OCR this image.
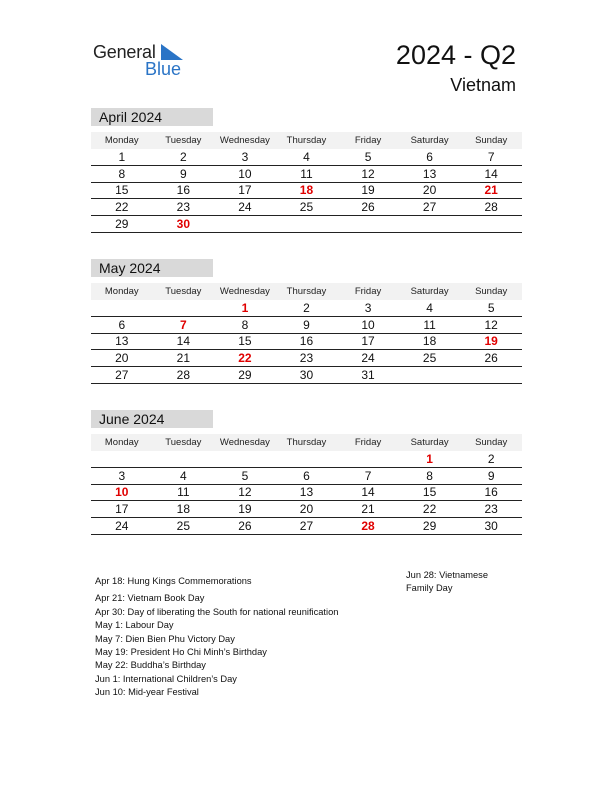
General
Blue	2024 - Q2
Vietnam
April 2024
Monday	Tuesday	Wednesday	Thursday	Friday	Saturday	Sunday
1	2	3	4	5	6	7
8	9	10	11	12	13	14
15	16	17	18	19	20	21
22	23	24	25	26	27	28
29	30					
May 2024
Monday	Tuesday	Wednesday	Thursday	Friday	Saturday	Sunday
		1	2	3	4	5
6	7	8	9	10	11	12
13	14	15	16	17	18	19
20	21	22	23	24	25	26
27	28	29	30	31		
June 2024
Monday	Tuesday	Wednesday	Thursday	Friday	Saturday	Sunday
					1	2
3	4	5	6	7	8	9
10	11	12	13	14	15	16
17	18	19	20	21	22	23
24	25	26	27	28	29	30
Apr 18: Hung Kings Commemorations
Apr 21: Vietnam Book Day
Apr 30: Day of liberating the South for national reunification
May 1: Labour Day
May 7: Dien Bien Phu Victory Day
May 19: President Ho Chi Minh’s Birthday
May 22: Buddha’s Birthday
Jun 1: International Children’s Day
Jun 10: Mid-year Festival
Jun 28: Vietnamese
Family Day
